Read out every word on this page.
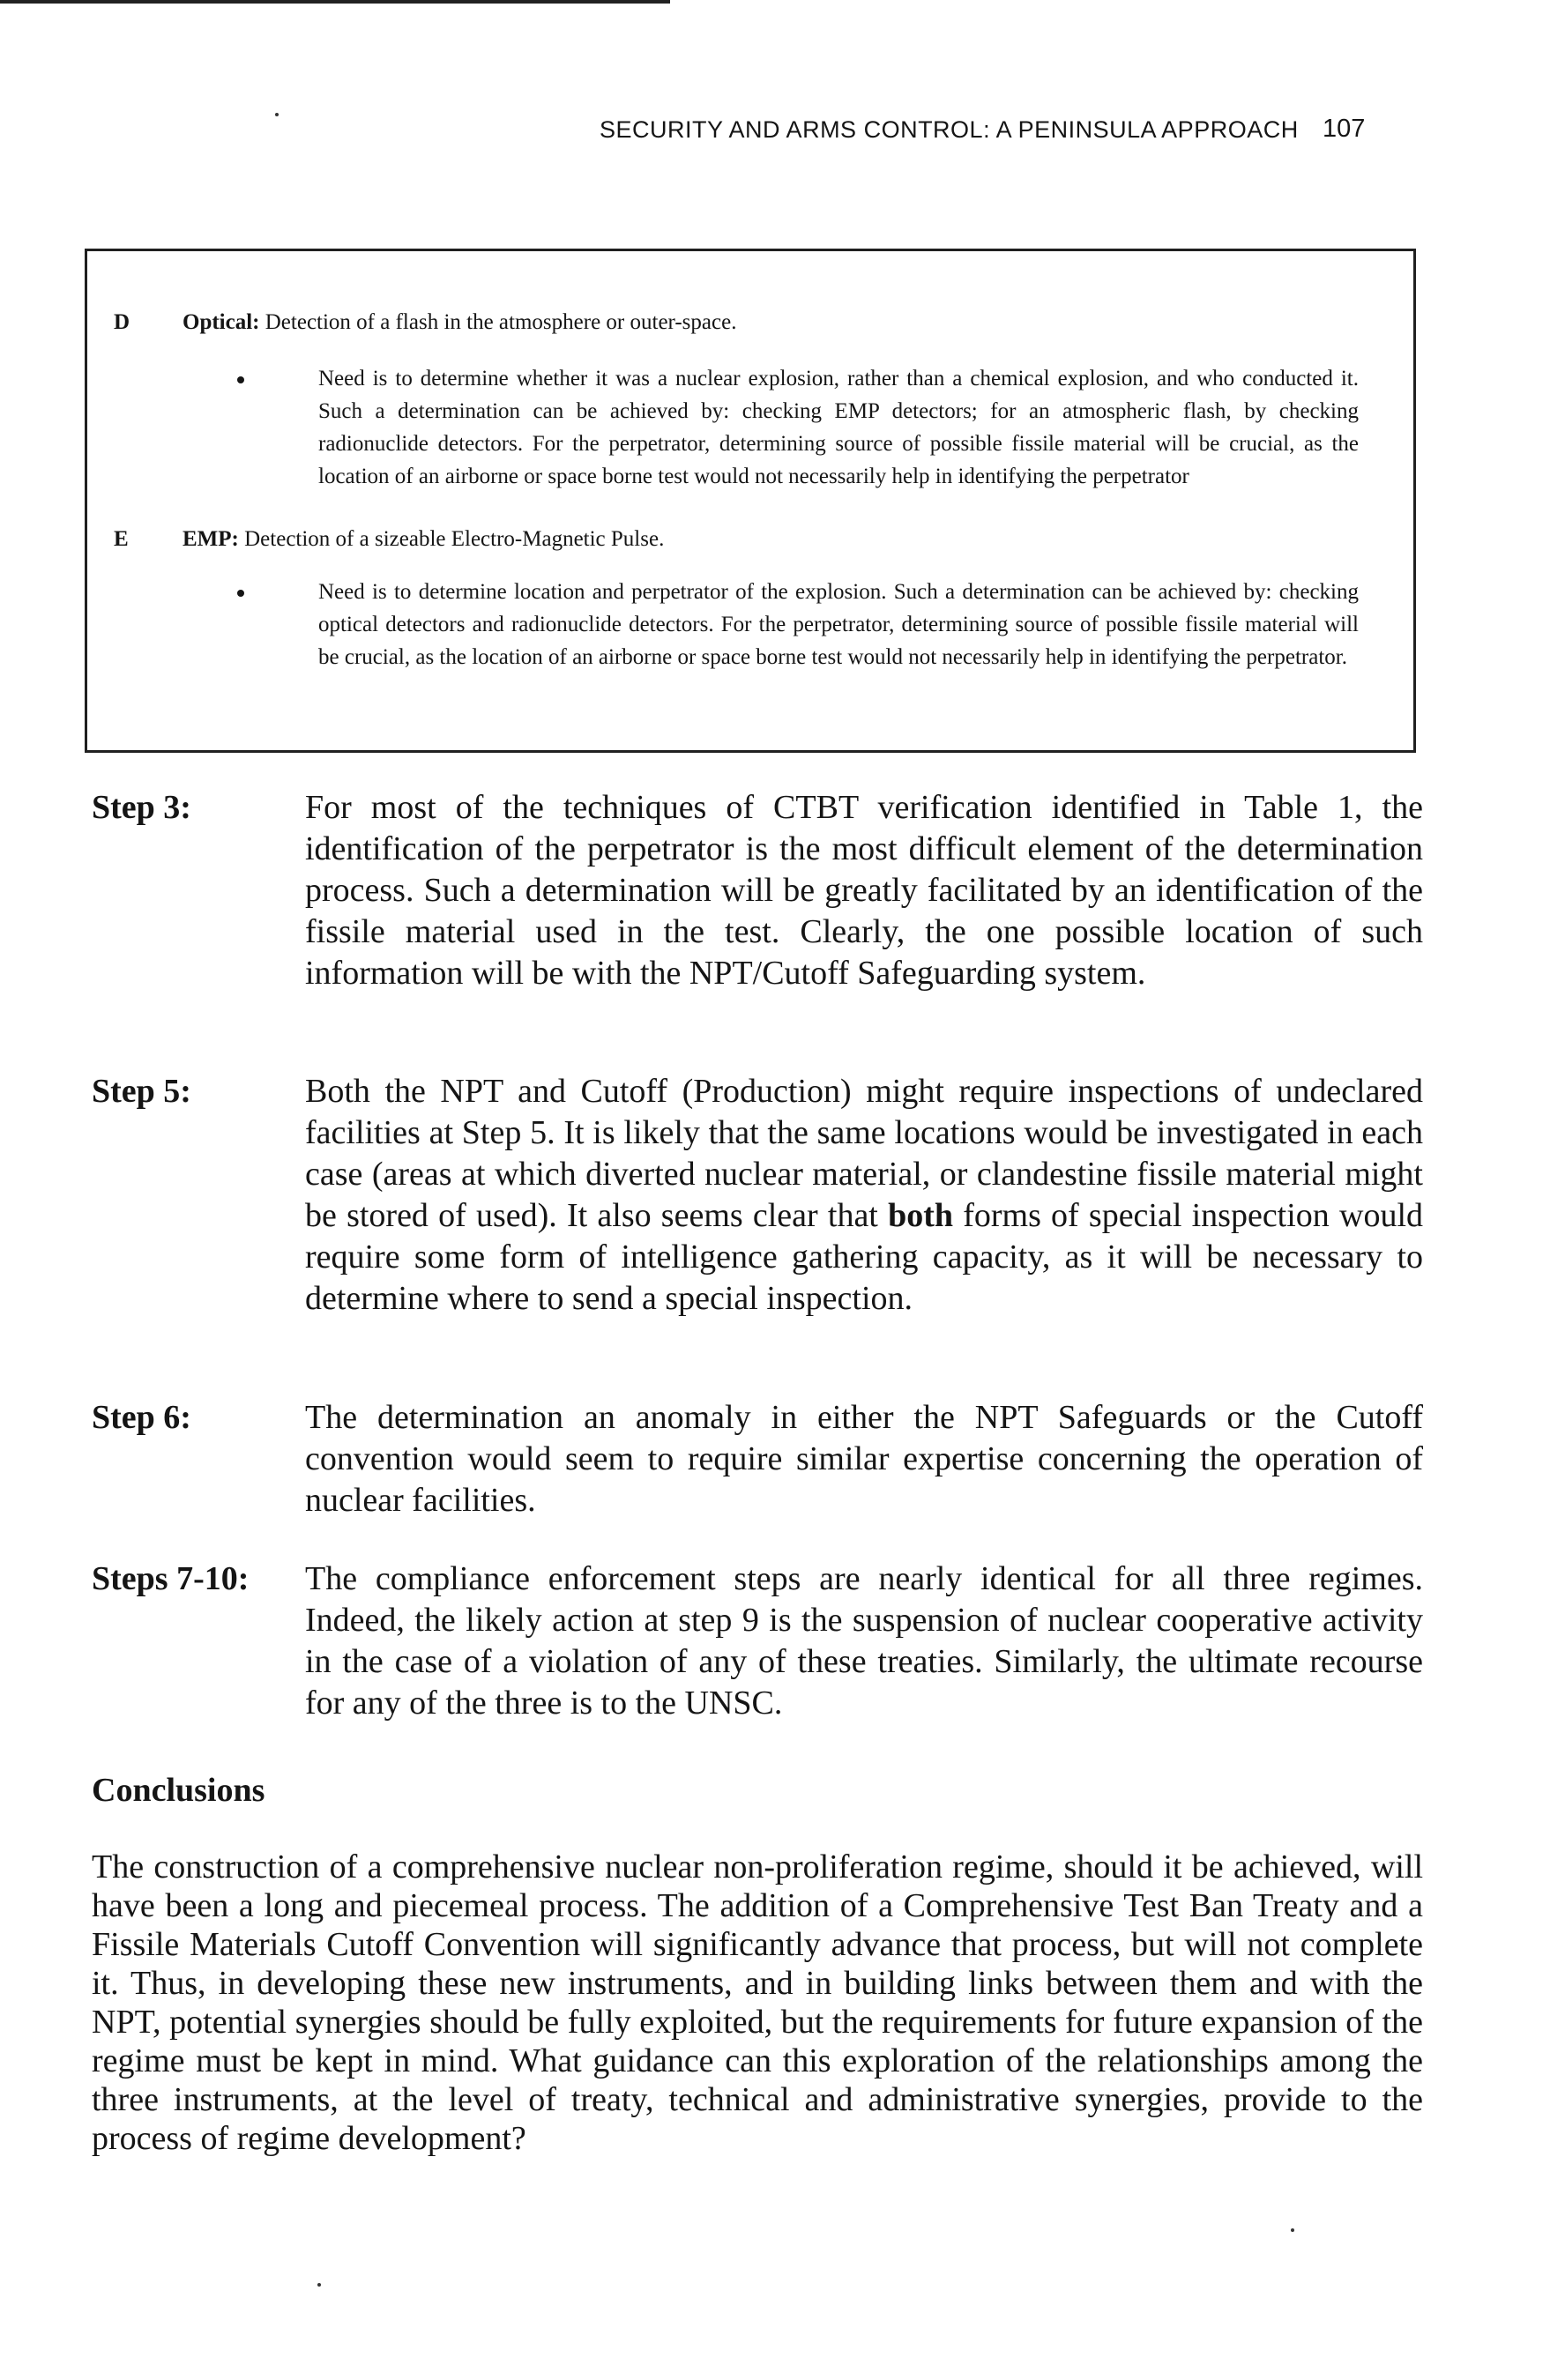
SECURITY AND ARMS CONTROL: A PENINSULA APPROACH 107
D Optical: Detection of a flash in the atmosphere or outer-space.
Need is to determine whether it was a nuclear explosion, rather than a chemical explosion, and who conducted it. Such a determination can be achieved by: checking EMP detectors; for an atmospheric flash, by checking radionuclide detectors. For the perpetrator, determining source of possible fissile material will be crucial, as the location of an airborne or space borne test would not necessarily help in identifying the perpetrator
E EMP: Detection of a sizeable Electro-Magnetic Pulse.
Need is to determine location and perpetrator of the explosion. Such a determination can be achieved by: checking optical detectors and radionuclide detectors. For the perpetrator, determining source of possible fissile material will be crucial, as the location of an airborne or space borne test would not necessarily help in identifying the perpetrator.
Step 3:	For most of the techniques of CTBT verification identified in Table 1, the identification of the perpetrator is the most difficult element of the determination process. Such a determination will be greatly facilitated by an identification of the fissile material used in the test. Clearly, the one possible location of such information will be with the NPT/Cutoff Safeguarding system.
Step 5:	Both the NPT and Cutoff (Production) might require inspections of undeclared facilities at Step 5. It is likely that the same locations would be investigated in each case (areas at which diverted nuclear material, or clandestine fissile material might be stored of used). It also seems clear that both forms of special inspection would require some form of intelligence gathering capacity, as it will be necessary to determine where to send a special inspection.
Step 6:	The determination an anomaly in either the NPT Safeguards or the Cutoff convention would seem to require similar expertise concerning the operation of nuclear facilities.
Steps 7-10: The compliance enforcement steps are nearly identical for all three regimes. Indeed, the likely action at step 9 is the suspension of nuclear cooperative activity in the case of a violation of any of these treaties. Similarly, the ultimate recourse for any of the three is to the UNSC.
Conclusions
The construction of a comprehensive nuclear non-proliferation regime, should it be achieved, will have been a long and piecemeal process. The addition of a Comprehensive Test Ban Treaty and a Fissile Materials Cutoff Convention will significantly advance that process, but will not complete it. Thus, in developing these new instruments, and in building links between them and with the NPT, potential synergies should be fully exploited, but the requirements for future expansion of the regime must be kept in mind. What guidance can this exploration of the relationships among the three instruments, at the level of treaty, technical and administrative synergies, provide to the process of regime development?
